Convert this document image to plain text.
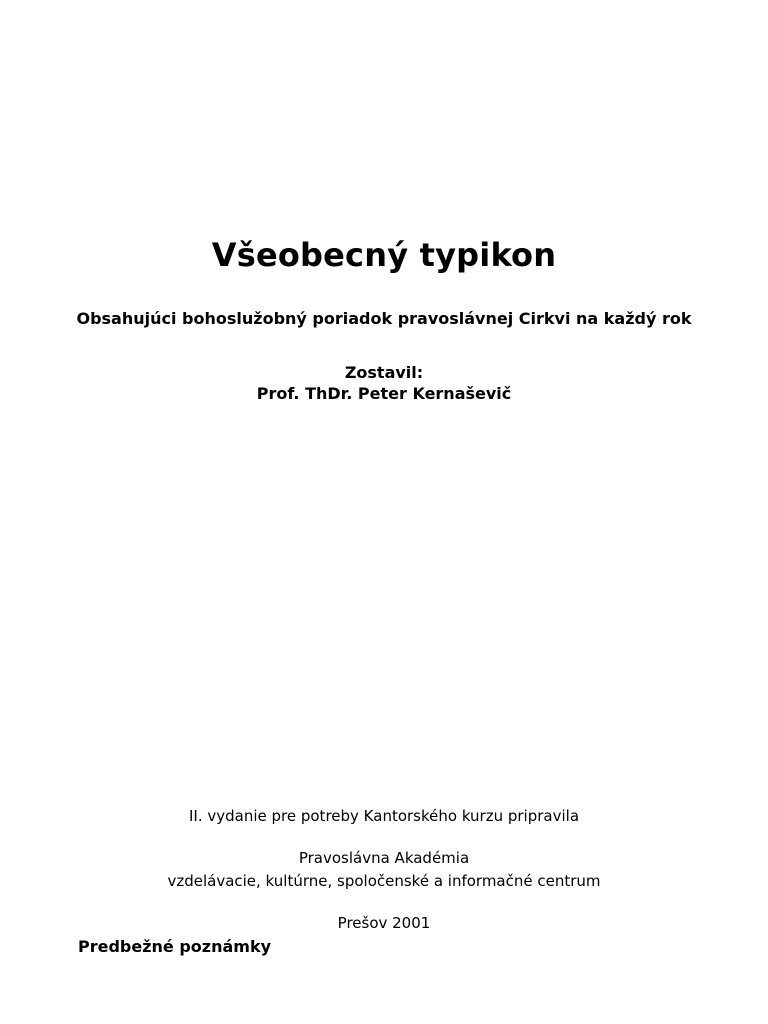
Všeobecný typikon
Obsahujúci bohoslužobný poriadok pravoslávnej Cirkvi na každý rok
Zostavil:
Prof. ThDr. Peter Kernaševič
II. vydanie pre potreby Kantorského kurzu pripravila
Pravoslávna Akadémia
vzdelávacie, kultúrne, spoločenské a informačné centrum
Prešov 2001
Predbežné poznámky
